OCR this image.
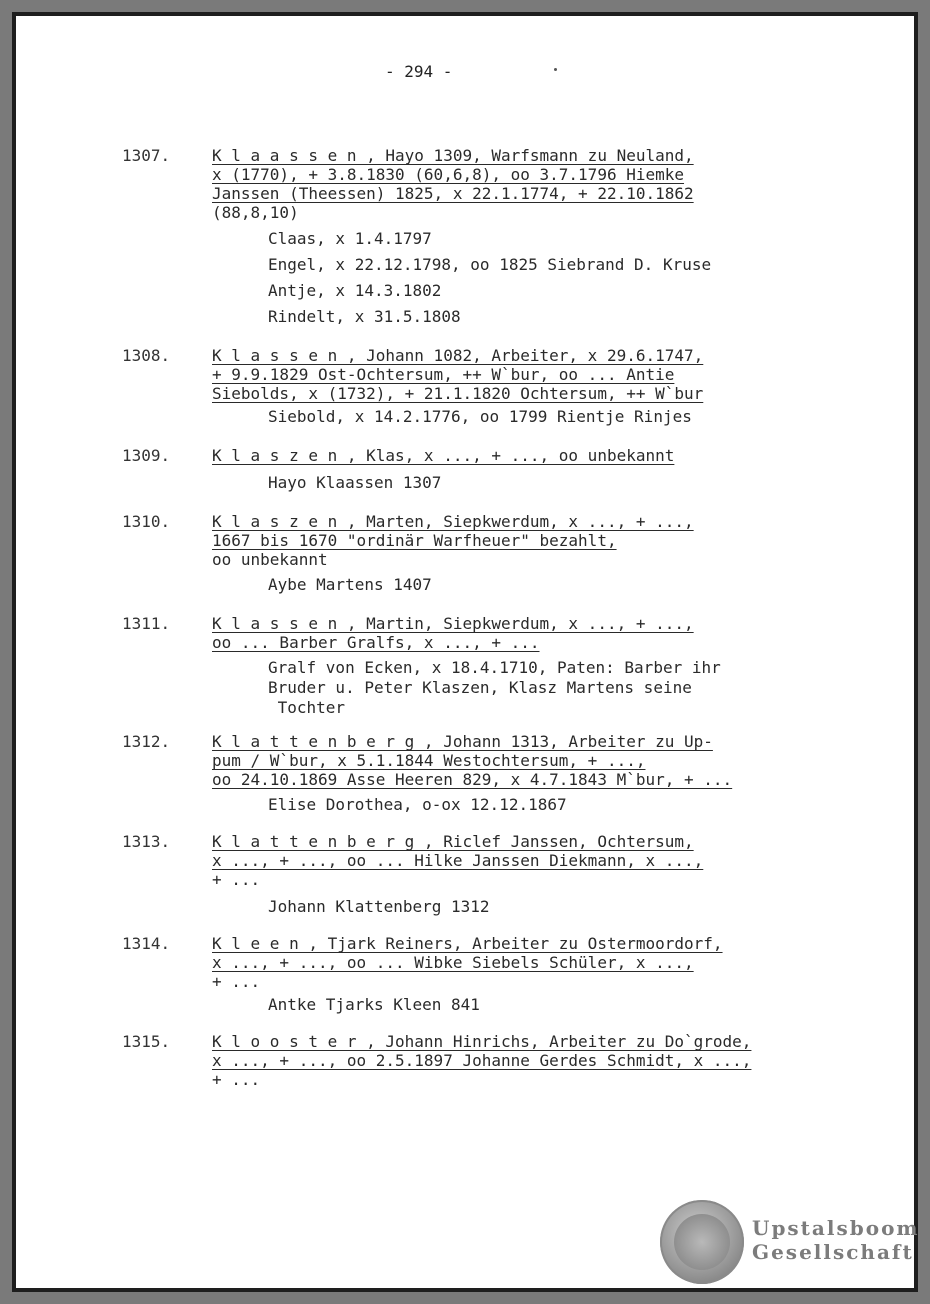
- 294 -
1307.	K l a a s s e n , Hayo 1309, Warfsmann zu Neuland,
x (1770), + 3.8.1830 (60,6,8), oo 3.7.1796 Hiemke
Janssen (Theessen) 1825, x 22.1.1774, + 22.10.1862
(88,8,10)
Claas, x 1.4.1797
Engel, x 22.12.1798, oo 1825 Siebrand D. Kruse
Antje, x 14.3.1802
Rindelt, x 31.5.1808
1308.	K l a s s e n , Johann 1082, Arbeiter, x 29.6.1747,
+ 9.9.1829 Ost-Ochtersum, ++ W`bur, oo ... Antie
Siebolds, x (1732), + 21.1.1820 Ochtersum, ++ W`bur
Siebold, x 14.2.1776, oo 1799 Rientje Rinjes
1309.	K l a s z e n , Klas, x ..., + ..., oo unbekannt
Hayo Klaassen 1307
1310.	K l a s z e n , Marten, Siepkwerdum, x ..., + ...,
1667 bis 1670 "ordinär Warfheuer" bezahlt,
oo unbekannt
Aybe Martens 1407
1311.	K l a s s e n , Martin, Siepkwerdum, x ..., + ...,
oo ... Barber Gralfs, x ..., + ...
Gralf von Ecken, x 18.4.1710, Paten: Barber ihr
Bruder u. Peter Klaszen, Klasz Martens seine
Tochter
1312.	K l a t t e n b e r g , Johann 1313, Arbeiter zu Up-
pum / W`bur, x 5.1.1844 Westochtersum, + ...,
oo 24.10.1869 Asse Heeren 829, x 4.7.1843 M`bur, + ...
Elise Dorothea, o-ox 12.12.1867
1313.	K l a t t e n b e r g , Riclef Janssen, Ochtersum,
x ..., + ..., oo ... Hilke Janssen Diekmann, x ...,
+ ...
Johann Klattenberg 1312
1314.	K l e e n , Tjark Reiners, Arbeiter zu Ostermoordorf,
x ..., + ..., oo ... Wibke Siebels Schüler, x ...,
+ ...
Antke Tjarks Kleen 841
1315.	K l o o s t e r , Johann Hinrichs, Arbeiter zu Do`grode,
x ..., + ..., oo 2.5.1897 Johanne Gerdes Schmidt, x ...,
+ ...
Upstalsboom
Gesellschaft
